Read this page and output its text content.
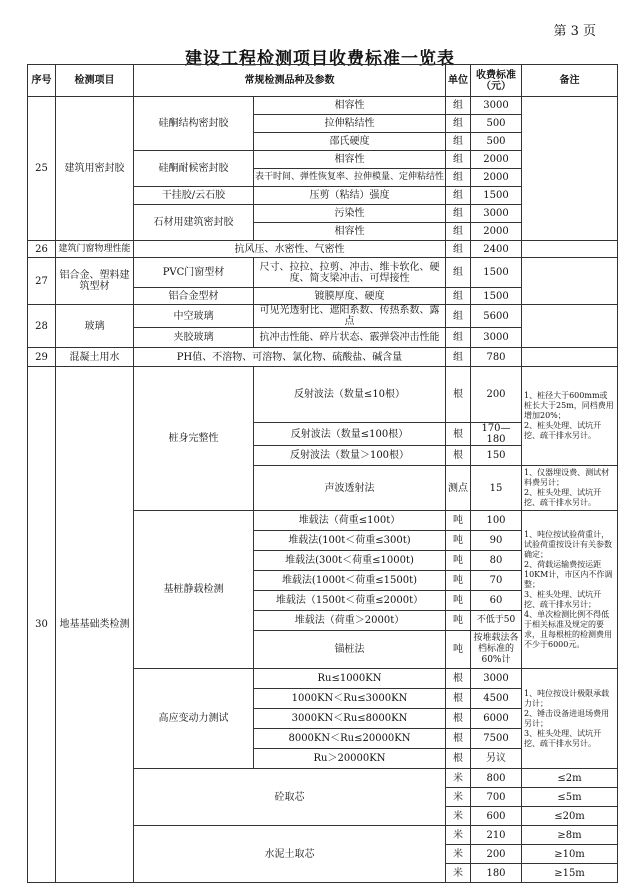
第 3 页
建设工程检测项目收费标准一览表
序号	检测项目	常规检测品种及参数		单位	收费标准（元）	备注
25	建筑用密封胶	硅酮结构密封胶	相容性	组	3000	
			拉伸粘结性	组	500	
			邵氏硬度	组	500	
		硅酮耐候密封胶	相容性	组	2000	
			表干时间、弹性恢复率、拉伸模量、定伸粘结性	组	2000	
		干挂胶/云石胶	压剪（粘结）强度	组	1500	
		石材用建筑密封胶	污染性	组	3000	
			相容性	组	2000	
26	建筑门窗物理性能	抗风压、水密性、气密性		组	2400	
27	铝合金、塑料建筑型材	PVC门窗型材	尺寸、拉拉、拉剪、冲击、维卡软化、硬度、简支梁冲击、可焊接性	组	1500	
		铝合金型材	镀膜厚度、硬度	组	1500	
28	玻璃	中空玻璃	可见光透射比、遮阳系数、传热系数、露点	组	5600	
		夹胶玻璃	抗冲击性能、碎片状态、霰弹袋冲击性能	组	3000	
29	混凝土用水	PH值、不溶物、可溶物、氯化物、硫酸盐、碱含量		组	780	
30	地基基础类检测	桩身完整性	反射波法（数量≤10根）	根	200	1、桩径大于600mm或桩长大于25m，同档费用增加20%；
2、桩头处理、试坑开挖、疏干排水另计。
			反射波法（数量≤100根）	根	170—180	
			反射波法（数量＞100根）	根	150	
			声波透射法	测点	15	1、仪器埋设费、测试材料费另计；
2、桩头处理、试坑开挖、疏干排水另计。
		基桩静载检测	堆载法（荷重≤100t）	吨	100	1、吨位按试验荷重计，试验荷重按设计有关参数确定；
2、荷载运输费按运距10KM计，市区内不作调整；
3、桩头处理、试坑开挖、疏干排水另计；
4、单次检测比例不得低于相关标准及规定的要求，且每根桩的检测费用不少于6000元。
			堆载法(100t＜荷重≤300t)	吨	90	
			堆载法(300t＜荷重≤1000t)	吨	80	
			堆载法(1000t＜荷重≤1500t)	吨	70	
			堆载法（1500t＜荷重≤2000t）	吨	60	
			堆载法（荷重＞2000t）	吨	不低于50	
			锚桩法	吨	按堆载法各档标准的60%计	
		高应变动力测试	Ru≤1000KN	根	3000	1、吨位按设计极限承载力计；
2、锤击设备进退场费用另计；
3、桩头处理、试坑开挖、疏干排水另计。
			1000KN＜Ru≤3000KN	根	4500	
			3000KN＜Ru≤8000KN	根	6000	
			8000KN＜Ru≤20000KN	根	7500	
			Ru＞20000KN	根	另议	
		砼取芯		米	800	≤2m
				米	700	≤5m
				米	600	≤20m
		水泥土取芯		米	210	≥8m
				米	200	≥10m
				米	180	≥15m
